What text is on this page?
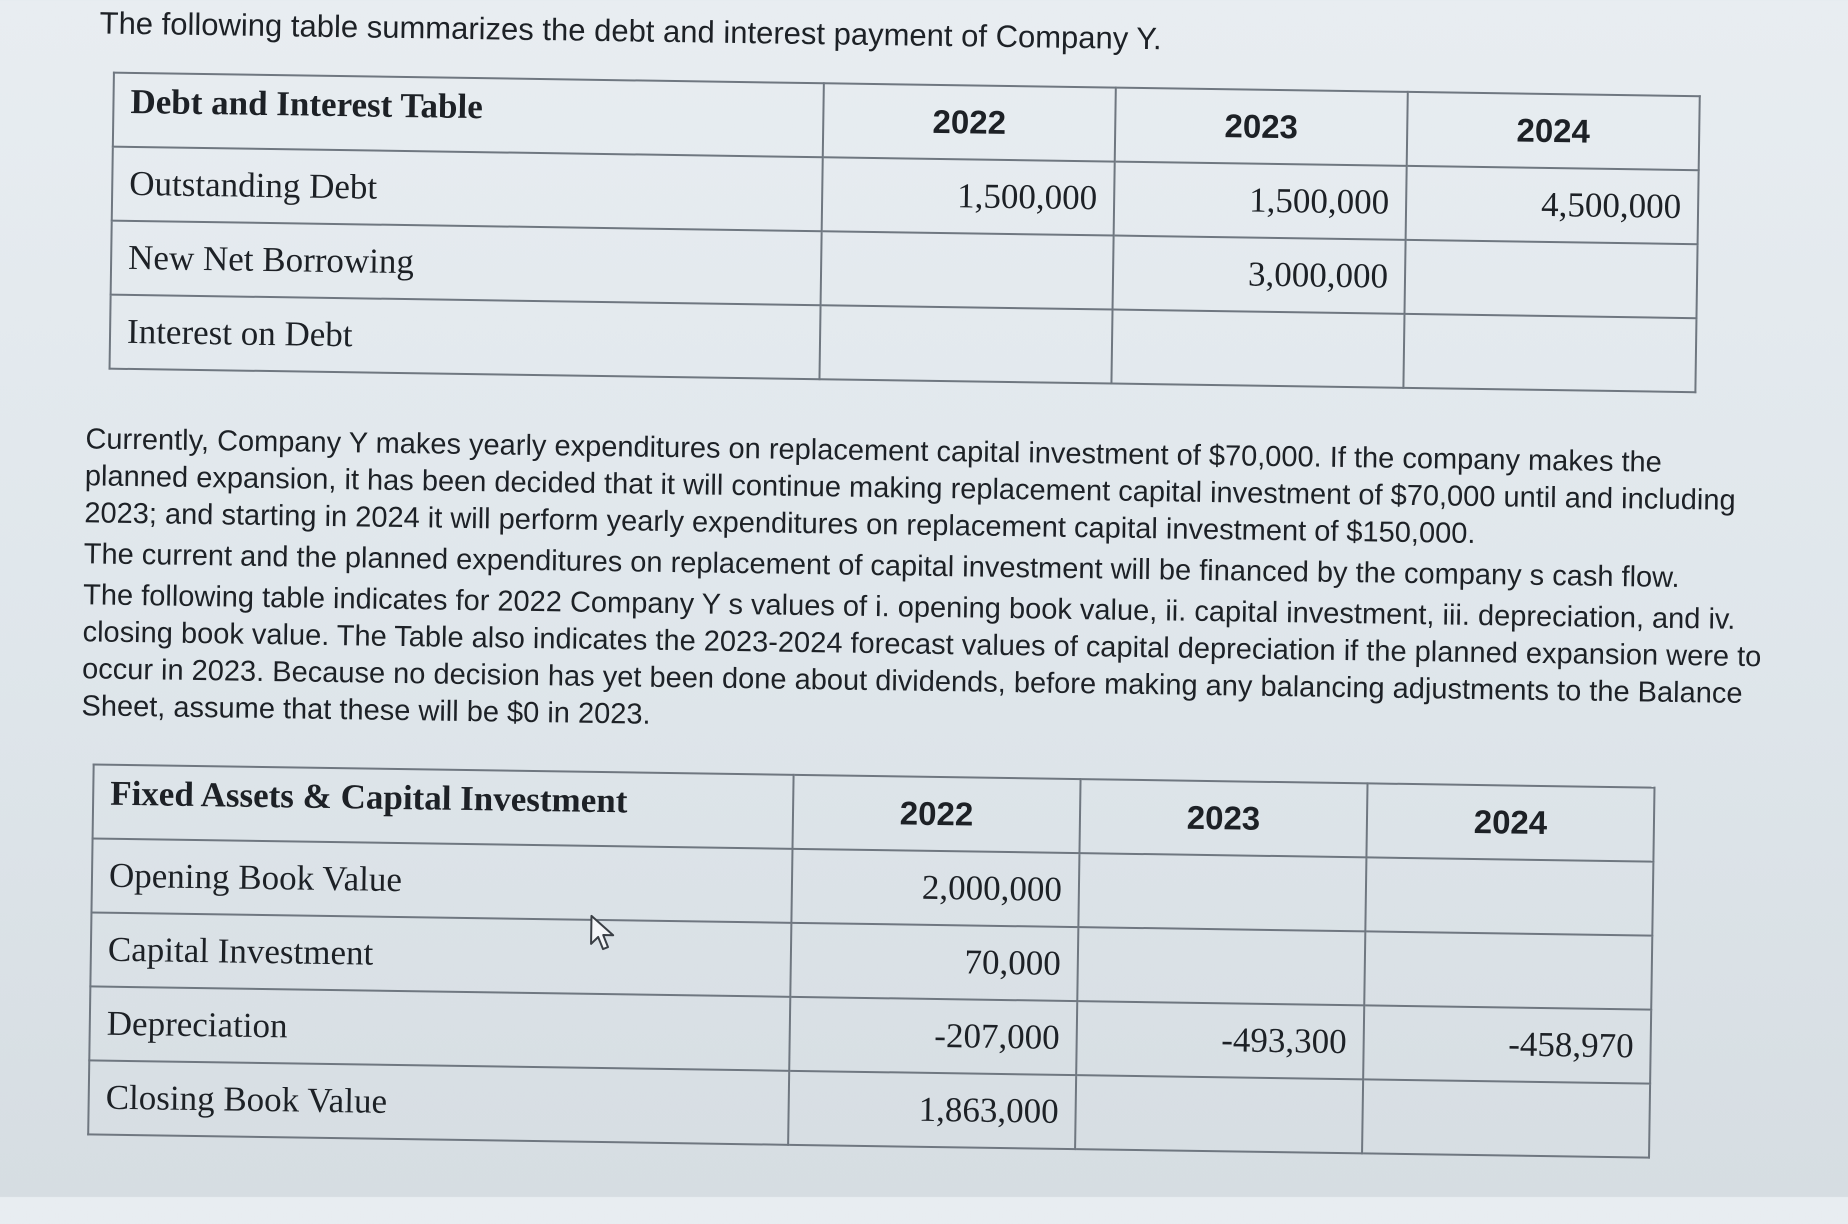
The following table summarizes the debt and interest payment of Company Y.

Debt and Interest Table	2022	2023	2024
Outstanding Debt	1,500,000	1,500,000	4,500,000
New Net Borrowing		3,000,000	
Interest on Debt			

Currently, Company Y makes yearly expenditures on replacement capital investment of $70,000. If the company makes the planned expansion, it has been decided that it will continue making replacement capital investment of $70,000 until and including 2023; and starting in 2024 it will perform yearly expenditures on replacement capital investment of $150,000.

The current and the planned expenditures on replacement of capital investment will be financed by the company s cash flow.

The following table indicates for 2022 Company Y s values of i. opening book value, ii. capital investment, iii. depreciation, and iv. closing book value. The Table also indicates the 2023-2024 forecast values of capital depreciation if the planned expansion were to occur in 2023. Because no decision has yet been done about dividends, before making any balancing adjustments to the Balance Sheet, assume that these will be $0 in 2023.

Fixed Assets & Capital Investment	2022	2023	2024
Opening Book Value	2,000,000		
Capital Investment	70,000		
Depreciation	-207,000	-493,300	-458,970
Closing Book Value	1,863,000		
